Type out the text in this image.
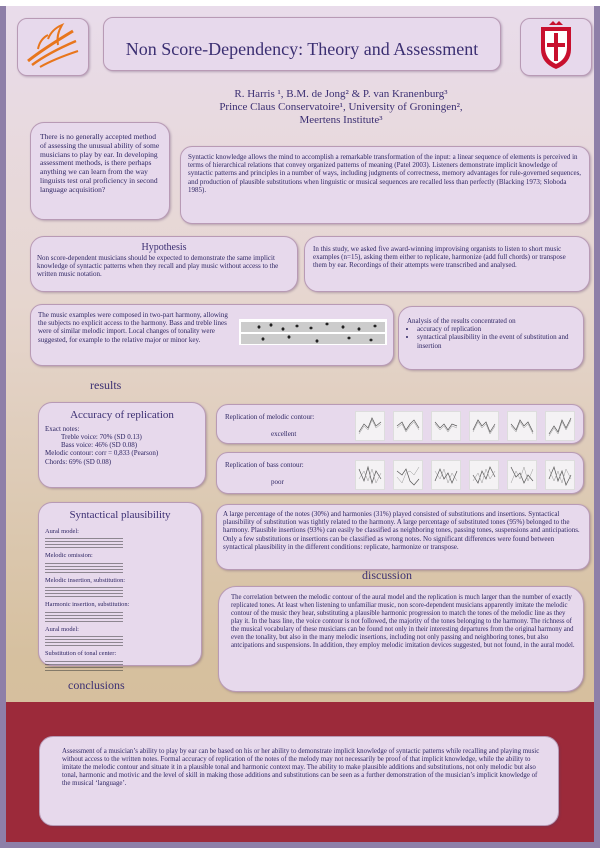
Non Score-Dependency: Theory and Assessment
R. Harris ¹, B.M. de Jong² & P. van Kranenburg³
Prince Claus Conservatoire¹, University of Groningen²,
Meertens Institute³
There is no generally accepted method of assessing the unusual ability of some musicians to play by ear. In developing assessment methods, is there perhaps anything we can learn from the way linguists test oral proficiency in second language acquisition?
Syntactic knowledge allows the mind to accomplish a remarkable transformation of the input: a linear sequence of elements is perceived in terms of hierarchical relations that convey organized patterns of meaning (Patel 2003). Listeners demonstrate implicit knowledge of syntactic patterns and principles in a number of ways, including judgments of correctness, memory advantages for rule-governed sequences, and production of plausible substitutions when linguistic or musical sequences are recalled less than perfectly (Blacking 1973; Sloboda 1985).
Hypothesis
Non score-dependent musicians should be expected to demonstrate the same implicit knowledge of syntactic patterns when they recall and play music without access to the written music notation.
In this study, we asked five award-winning improvising organists to listen to short music examples (n=15), asking them either to replicate, harmonize (add full chords) or transpose them by ear. Recordings of their attempts were transcribed and analysed.
The music examples were composed in two-part harmony, allowing the subjects no explicit access to the harmony. Bass and treble lines were of similar melodic import. Local changes of tonality were suggested, for example to the relative major or minor key.
Analysis of the results concentrated on
• accuracy of replication
• syntactical plausibility in the event of substitution and insertion
results
Accuracy of replication
Exact notes:
Treble voice: 70% (SD 0.13)
Bass voice: 46% (SD 0.08)
Melodic contour: corr = 0,833 (Pearson)
Chords: 69% (SD 0.08)
Replication of melodic contour:
excellent
Replication of bass contour:
poor
Syntactical plausibility
Aural model:
Melodic omission:
Melodic insertion, substitution:
Harmonic insertion, substitution:
Aural model:
Substitution of tonal center:
A large percentage of the notes (30%) and harmonies (31%) played consisted of substitutions and insertions. Syntactical plausibility of substitution was tightly related to the harmony. A large percentage of substituted tones (95%) belonged to the harmony. Plausible insertions (93%) can easily be classified as neighboring tones, passing tones, suspensions and anticipations. Only a few substitutions or insertions can be classified as wrong notes. No significant differences were found between syntactical plausibility in the different conditions: replicate, harmonize or transpose.
discussion
The correlation between the melodic contour of the aural model and the replication is much larger than the number of exactly replicated tones. At least when listening to unfamiliar music, non score-dependent musicians apparently imitate the melodic contour of the music they hear, substituting a plausible harmonic progression to match the tones of the melodic line as they play it. In the bass line, the voice contour is not followed, the majority of the tones belonging to the harmony. The richness of the musical vocabulary of these musicians can be found not only in their interesting departures from the original harmony and even the tonality, but also in the many melodic insertions, including not only passing and neighboring tones, but also antcipations and suspensions. In addition, they employ melodic imitation devices suggested, but not found, in the aural model.
conclusions
Assessment of a musician’s ability to play by ear can be based on his or her ability to demonstrate implicit knowledge of syntactic patterns while recalling and playing music without access to the written notes. Formal accuracy of replication of the notes of the melody may not necessarily be proof of that implicit knowledge, while the ability to imitate the melodic contour and situate it in a plausible tonal and harmonic context may. The ability to make plausible additions and substitutions, not only melodic but also tonal, harmonic and motivic and the level of skill in making those additions and substitutions can be seen as a further demonstration of the musician’s implicit knowledge of the musical ‘language’.
